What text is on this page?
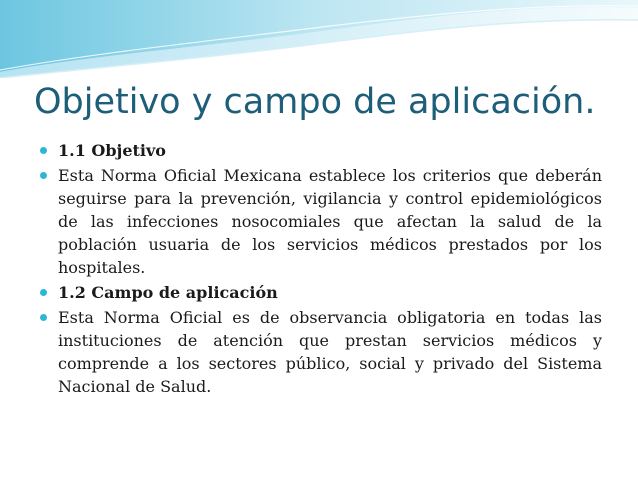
Objetivo y campo de aplicación.
1.1 Objetivo
Esta Norma Oficial Mexicana establece los criterios que deberán seguirse para la prevención, vigilancia y control epidemiológicos de las infecciones nosocomiales que afectan la salud de la población usuaria de los servicios médicos prestados por los hospitales.
1.2 Campo de aplicación
Esta Norma Oficial es de observancia obligatoria en todas las instituciones de atención que prestan servicios médicos y comprende a los sectores público, social y privado del Sistema Nacional de Salud.
